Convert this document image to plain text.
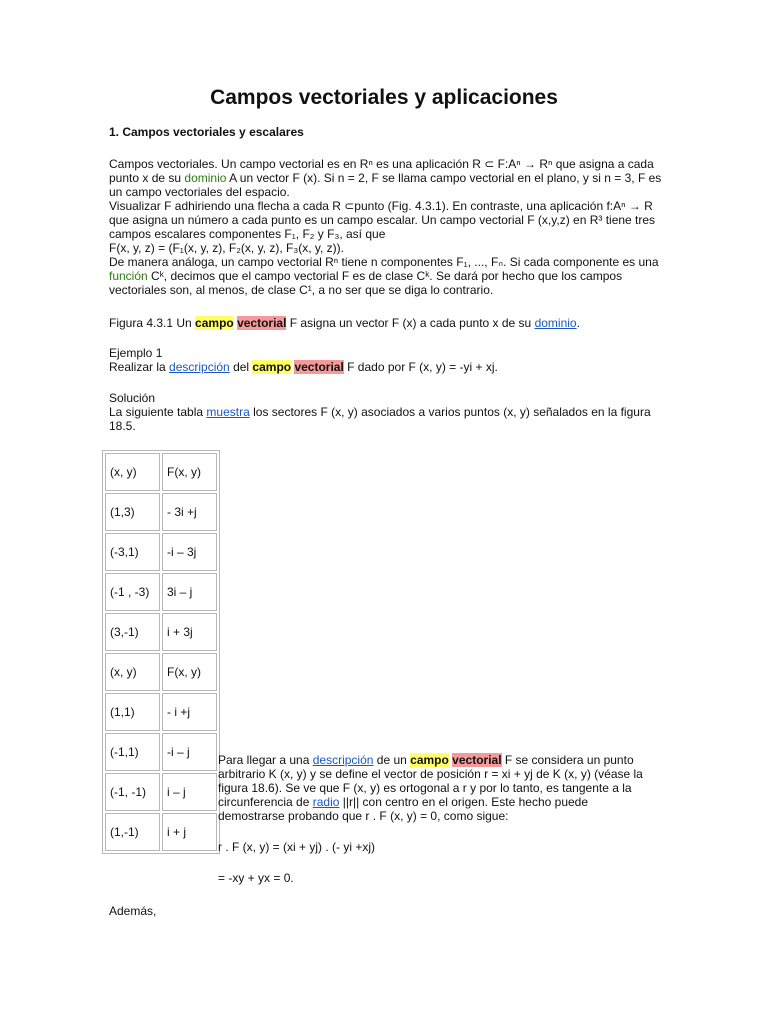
Campos vectoriales y aplicaciones
1. Campos vectoriales y escalares
Campos vectoriales. Un campo vectorial es en Rⁿ es una aplicación R ⊂ F:Aⁿ → Rⁿ que asigna a cada punto x de su dominio A un vector F (x). Si n = 2, F se llama campo vectorial en el plano, y si n = 3, F es un campo vectoriales del espacio.
Visualizar F adhiriendo una flecha a cada R ⊂punto (Fig. 4.3.1). En contraste, una aplicación f:Aⁿ → R que asigna un número a cada punto es un campo escalar. Un campo vectorial F (x,y,z) en R³ tiene tres campos escalares componentes F₁, F₂ y F₃, así que
F(x, y, z) = (F₁(x, y, z), F₂(x, y, z), F₃(x, y, z)).
De manera análoga, un campo vectorial Rⁿ tiene n componentes F₁, ..., Fₙ. Si cada componente es una función Cᵏ, decimos que el campo vectorial F es de clase Cᵏ. Se dará por hecho que los campos vectoriales son, al menos, de clase C¹, a no ser que se diga lo contrario.
Figura 4.3.1 Un campo vectorial F asigna un vector F (x) a cada punto x de su dominio.
Ejemplo 1
Realizar la descripción del campo vectorial F dado por F (x, y) = -yi + xj.
Solución
La siguiente tabla muestra los sectores F (x, y) asociados a varios puntos (x, y) señalados en la figura 18.5.
(x, y)	F(x, y)
(1,3)	- 3i +j
(-3,1)	-i – 3j
(-1 , -3)	3i – j
(3,-1)	i + 3j
(x, y)	F(x, y)
(1,1)	- i +j
(-1,1)	-i – j
(-1, -1)	i – j
(1,-1)	i + j
Para llegar a una descripción de un campo vectorial F se considera un punto arbitrario K (x, y) y se define el vector de posición r = xi + yj de K (x, y) (véase la figura 18.6). Se ve que F (x, y) es ortogonal a r y por lo tanto, es tangente a la circunferencia de radio ||r|| con centro en el origen. Este hecho puede demostrarse probando que r . F (x, y) = 0, como sigue:
r . F (x, y) = (xi + yj) . (- yi +xj)
= -xy + yx = 0.
Además,
